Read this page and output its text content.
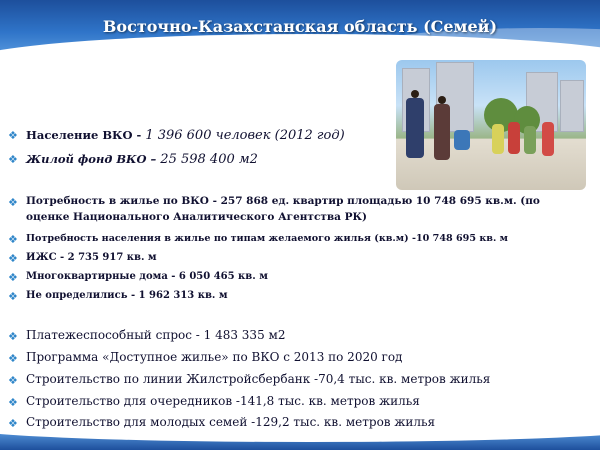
Восточно-Казахстанская область (Семей)
❖ Население ВКО - 1 396 600 человек (2012 год)
❖ Жилой фонд ВКО – 25 598 400 м2
❖ Потребность в жилье по ВКО - 257 868 ед. квартир площадью 10 748 695 кв.м. (по
оценке Национального Аналитического Агентства РК)
❖ Потребность населения в жилье по типам желаемого жилья (кв.м) -10 748 695 кв. м
❖ ИЖС - 2 735 917 кв. м
❖ Многоквартирные дома - 6 050 465 кв. м
❖ Не определились - 1 962 313 кв. м
❖ Платежеспособный спрос - 1 483 335 м2
❖ Программа «Доступное жилье» по ВКО с 2013 по 2020 год
❖ Строительство по линии Жилстройсбербанк -70,4 тыс. кв. метров жилья
❖ Строительство для очередников -141,8 тыс. кв. метров жилья
❖ Строительство для молодых семей -129,2 тыс. кв. метров жилья
